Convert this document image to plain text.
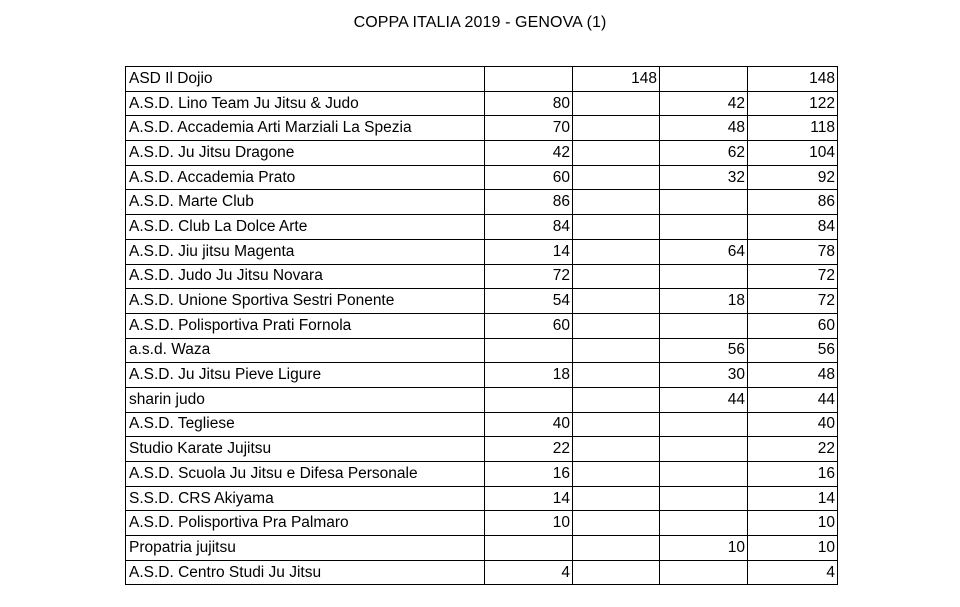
COPPA ITALIA 2019 - GENOVA (1)
ASD Il Dojio		148		148
A.S.D. Lino Team Ju Jitsu & Judo	80		42	122
A.S.D. Accademia Arti Marziali La Spezia	70		48	118
A.S.D. Ju Jitsu Dragone	42		62	104
A.S.D. Accademia Prato	60		32	92
A.S.D. Marte Club	86			86
A.S.D. Club La Dolce Arte	84			84
A.S.D. Jiu jitsu Magenta	14		64	78
A.S.D. Judo Ju Jitsu Novara	72			72
A.S.D. Unione Sportiva Sestri Ponente	54		18	72
A.S.D. Polisportiva Prati Fornola	60			60
a.s.d. Waza			56	56
A.S.D. Ju Jitsu Pieve Ligure	18		30	48
sharin judo			44	44
A.S.D. Tegliese	40			40
Studio Karate Jujitsu	22			22
A.S.D. Scuola Ju Jitsu e Difesa Personale	16			16
S.S.D. CRS Akiyama	14			14
A.S.D. Polisportiva Pra Palmaro	10			10
Propatria jujitsu			10	10
A.S.D. Centro Studi Ju Jitsu	4			4
